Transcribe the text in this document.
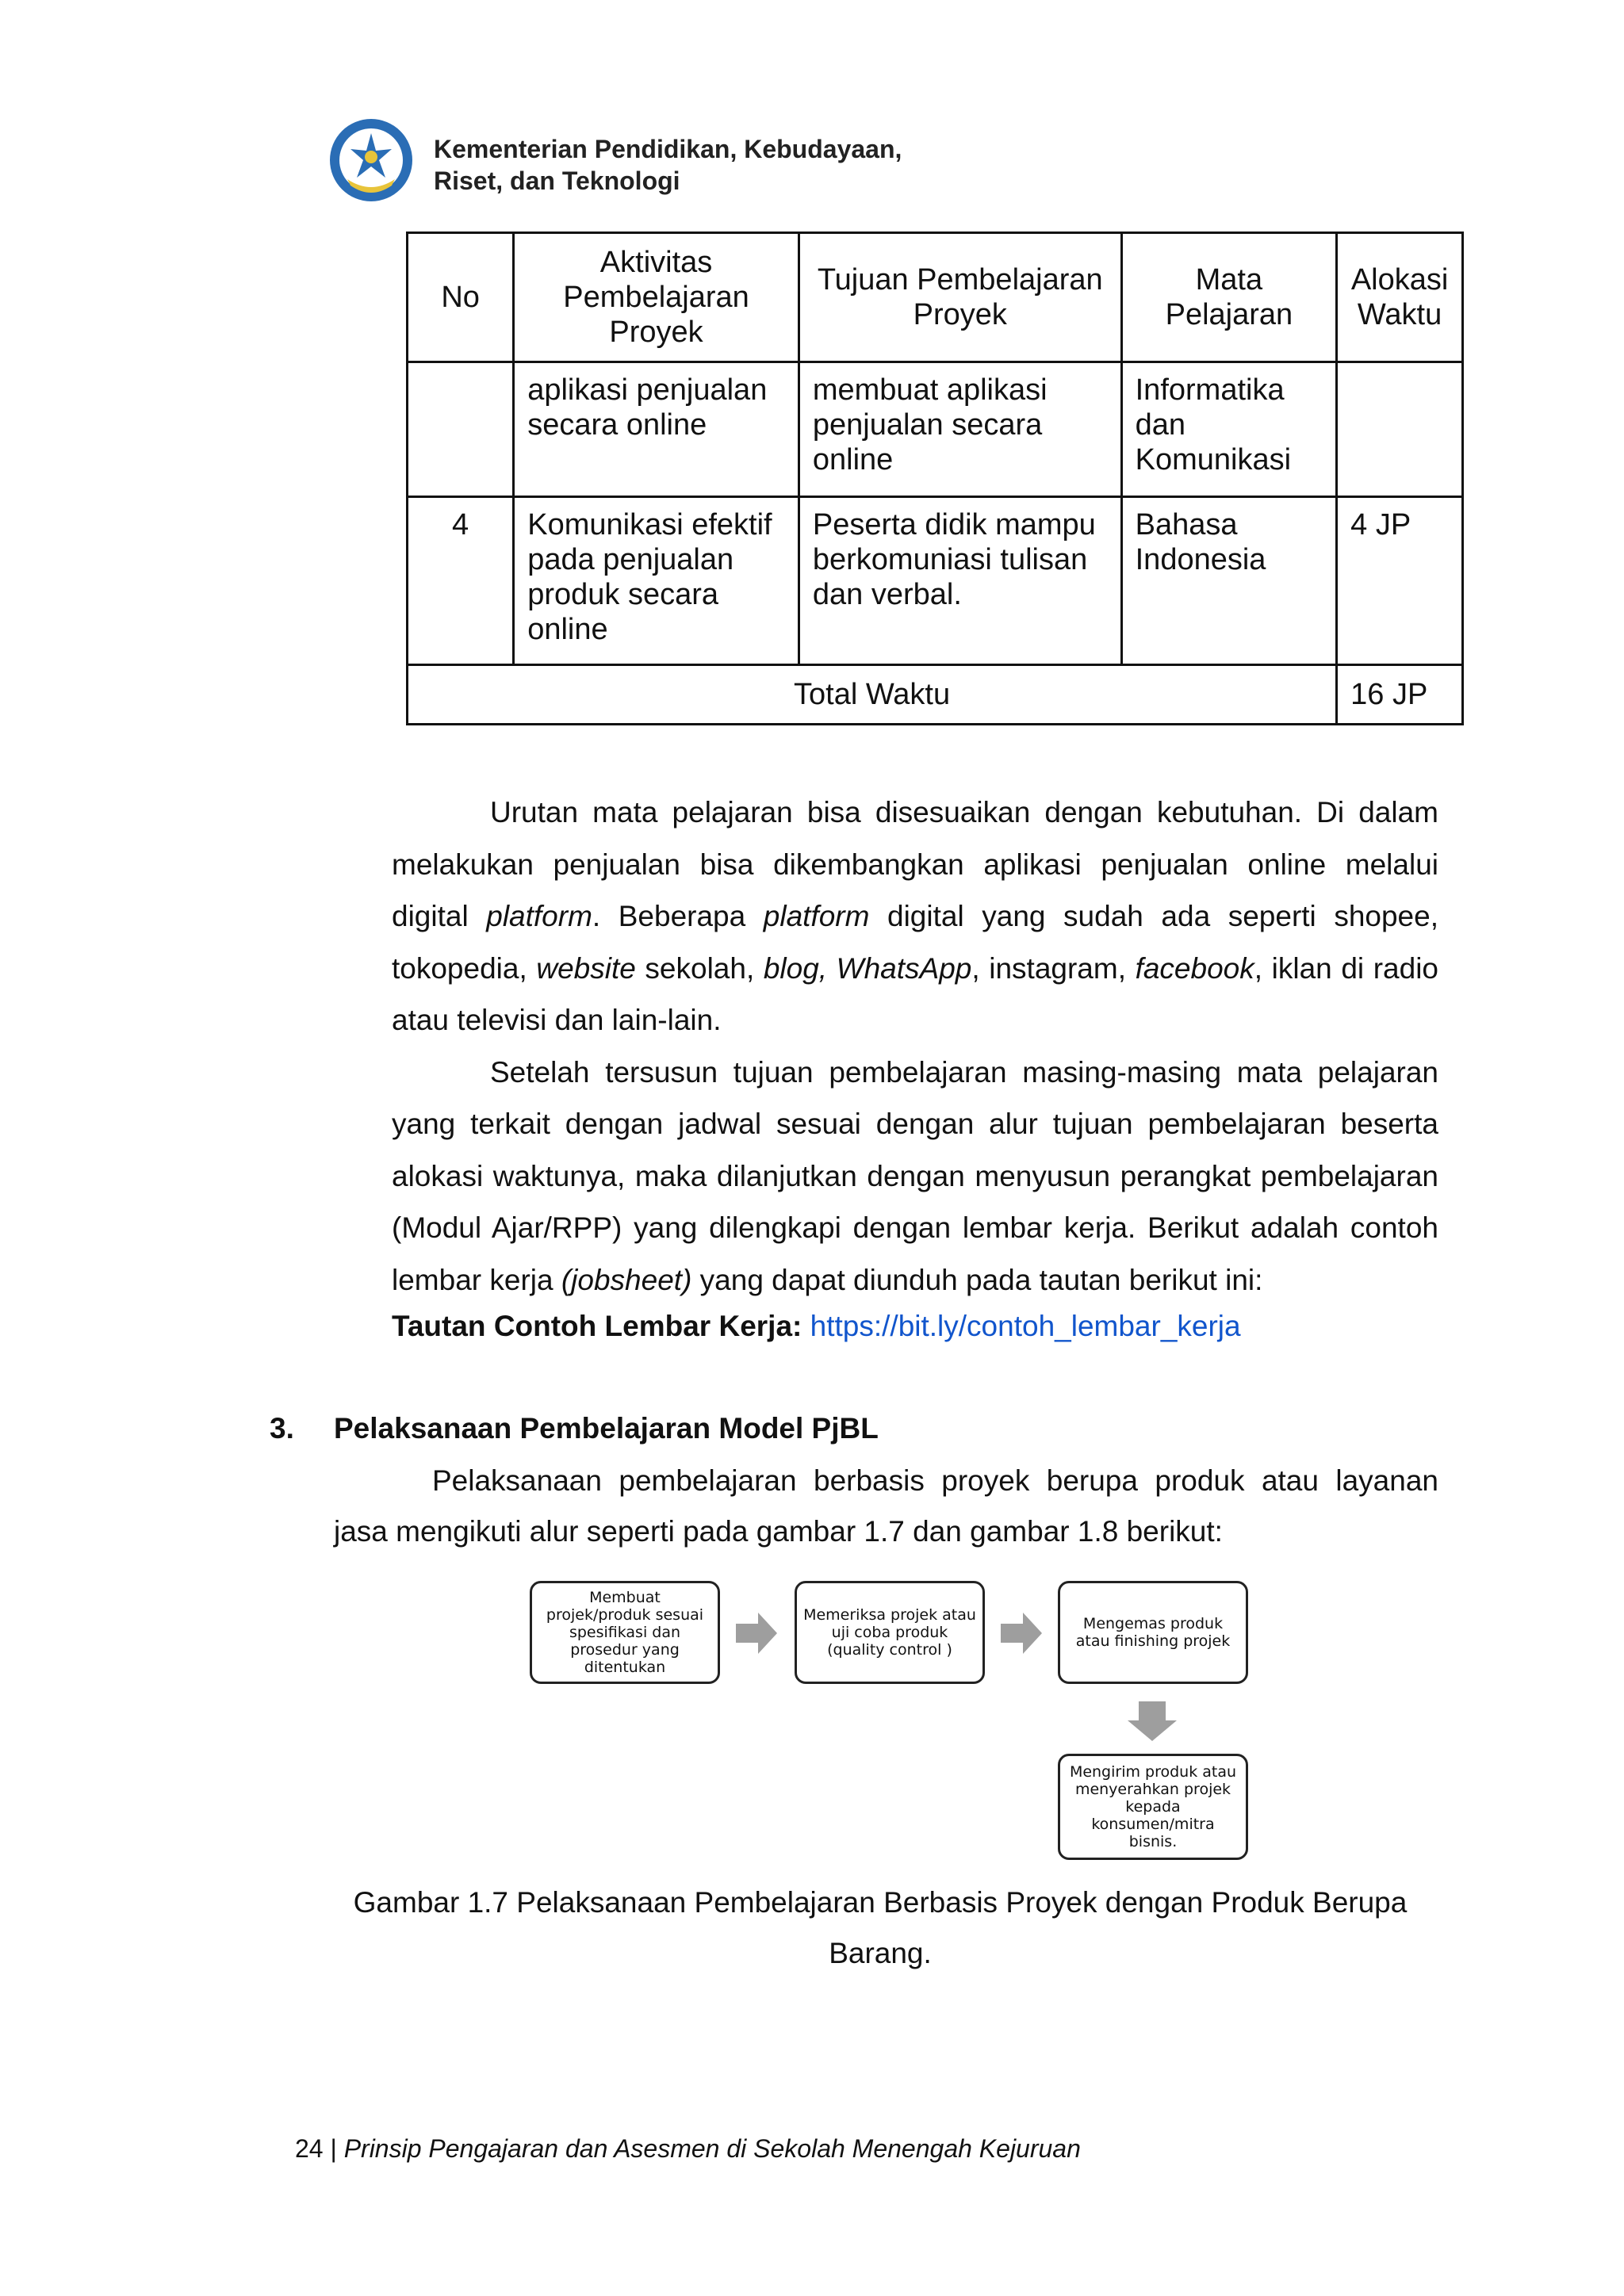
Kementerian Pendidikan, Kebudayaan,
Riset, dan Teknologi
No	Aktivitas Pembelajaran Proyek	Tujuan Pembelajaran Proyek	Mata Pelajaran	Alokasi Waktu
	aplikasi penjualan secara online	membuat aplikasi penjualan secara online	Informatika dan Komunikasi	
4	Komunikasi efektif pada penjualan produk secara online	Peserta didik mampu berkomuniasi tulisan dan verbal.	Bahasa Indonesia	4 JP
Total Waktu				16 JP

Urutan mata pelajaran bisa disesuaikan dengan kebutuhan. Di dalam melakukan penjualan bisa dikembangkan aplikasi penjualan online melalui digital platform. Beberapa platform digital yang sudah ada seperti shopee, tokopedia, website sekolah, blog, WhatsApp, instagram, facebook, iklan di radio atau televisi dan lain-lain.

Setelah tersusun tujuan pembelajaran masing-masing mata pelajaran yang terkait dengan jadwal sesuai dengan alur tujuan pembelajaran beserta alokasi waktunya, maka dilanjutkan dengan menyusun perangkat pembelajaran (Modul Ajar/RPP) yang dilengkapi dengan lembar kerja. Berikut adalah contoh lembar kerja (jobsheet) yang dapat diunduh pada tautan berikut ini:

Tautan Contoh Lembar Kerja: https://bit.ly/contoh_lembar_kerja
3. Pelaksanaan Pembelajaran Model PjBL

Pelaksanaan pembelajaran berbasis proyek berupa produk atau layanan jasa mengikuti alur seperti pada gambar 1.7 dan gambar 1.8 berikut:

Membuat projek/produk sesuai spesifikasi dan prosedur yang ditentukan
Memeriksa projek atau uji coba produk (quality control )
Mengemas produk atau finishing projek
Mengirim produk atau menyerahkan projek kepada konsumen/mitra bisnis.
Gambar 1.7 Pelaksanaan Pembelajaran Berbasis Proyek dengan Produk Berupa Barang.
24 | Prinsip Pengajaran dan Asesmen di Sekolah Menengah Kejuruan
